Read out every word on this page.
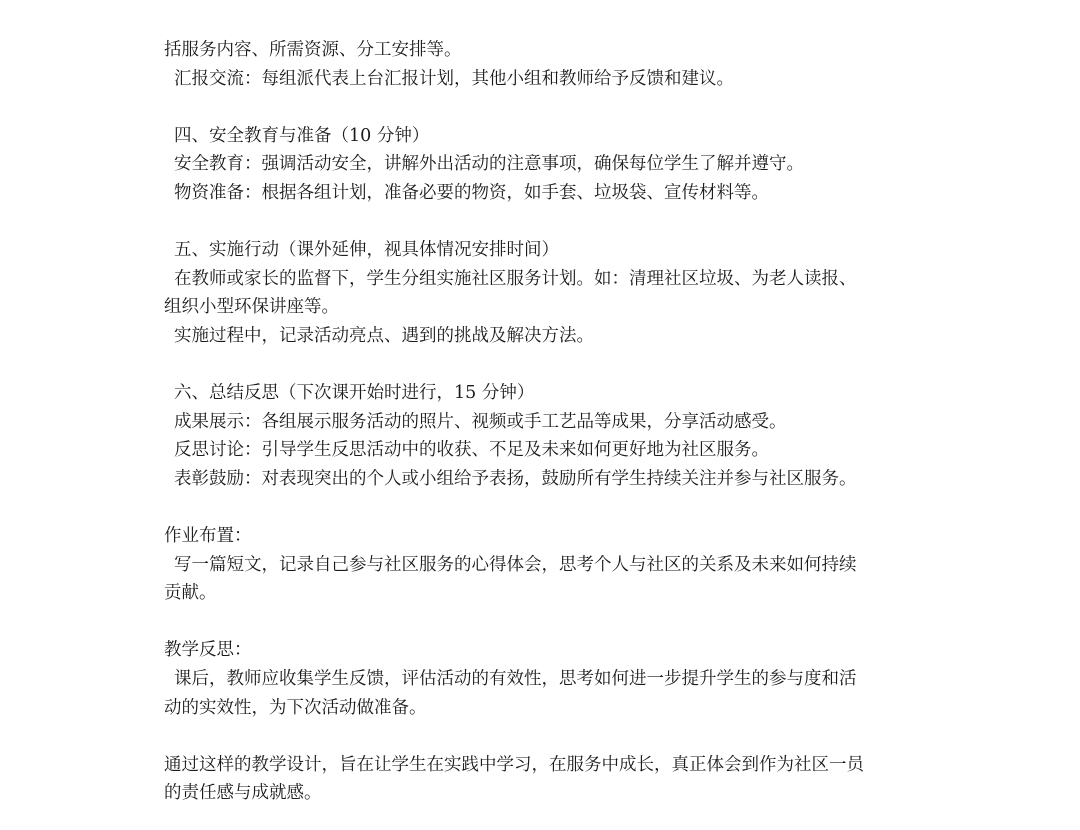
括服务内容、所需资源、分工安排等。
汇报交流：每组派代表上台汇报计划，其他小组和教师给予反馈和建议。
四、安全教育与准备（10 分钟）
安全教育：强调活动安全，讲解外出活动的注意事项，确保每位学生了解并遵守。
物资准备：根据各组计划，准备必要的物资，如手套、垃圾袋、宣传材料等。
五、实施行动（课外延伸，视具体情况安排时间）
在教师或家长的监督下，学生分组实施社区服务计划。如：清理社区垃圾、为老人读报、
组织小型环保讲座等。
实施过程中，记录活动亮点、遇到的挑战及解决方法。
六、总结反思（下次课开始时进行，15 分钟）
成果展示：各组展示服务活动的照片、视频或手工艺品等成果，分享活动感受。
反思讨论：引导学生反思活动中的收获、不足及未来如何更好地为社区服务。
表彰鼓励：对表现突出的个人或小组给予表扬，鼓励所有学生持续关注并参与社区服务。
作业布置：
写一篇短文，记录自己参与社区服务的心得体会，思考个人与社区的关系及未来如何持续
贡献。
教学反思：
课后，教师应收集学生反馈，评估活动的有效性，思考如何进一步提升学生的参与度和活
动的实效性，为下次活动做准备。
通过这样的教学设计，旨在让学生在实践中学习，在服务中成长，真正体会到作为社区一员
的责任感与成就感。
